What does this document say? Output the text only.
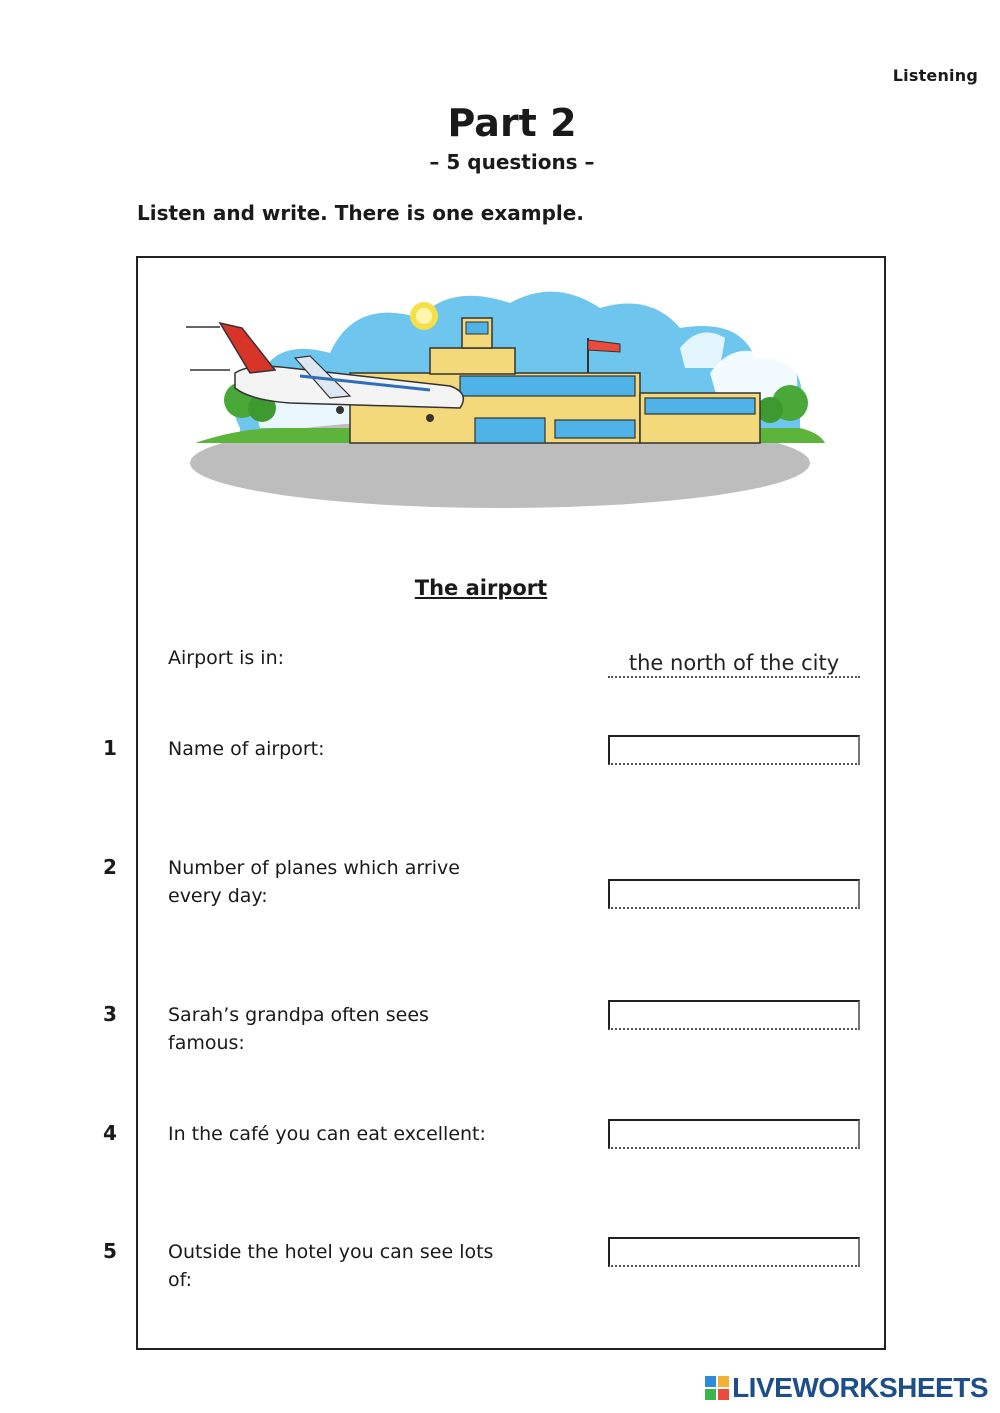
Listening
Part 2
– 5 questions –
Listen and write. There is one example.
The airport
Airport is in:	the north of the city
1	Name of airport:
2	Number of planes which arrive every day:
3	Sarah’s grandpa often sees famous:
4	In the café you can eat excellent:
5	Outside the hotel you can see lots of:
LIVEWORKSHEETS
